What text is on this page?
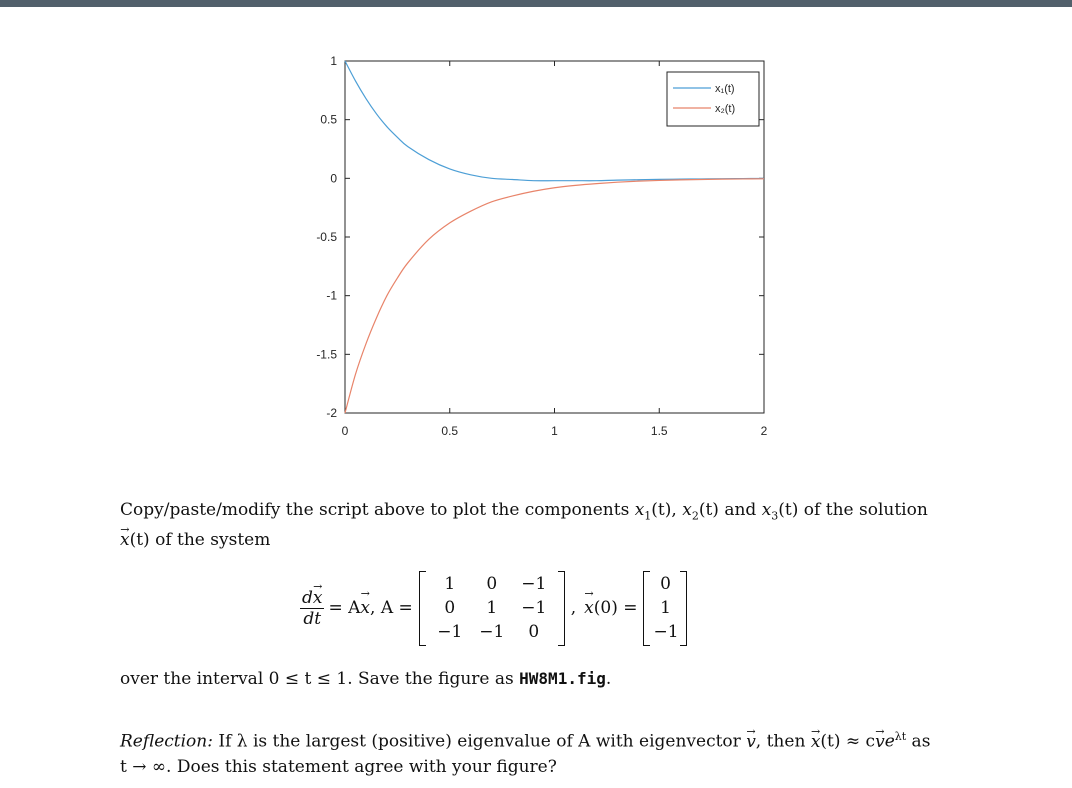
0	0.5	1	1.5	2
1
0.5
0
-0.5
-1
-1.5
-2
x₁(t)
x₂(t)
Copy/paste/modify the script above to plot the components $x_1(t)$, $x_2(t)$ and $x_3(t)$ of the solution
→ x(t) of the system
$\frac{d\to x}{dt} = A$
→ x , A =
1	0	−1
0	1	−1
−1 −1	0
,
→ x (0) =
0
1
−1
over the interval 0 ≤ t ≤ 1. Save the figure as HW8M1.fig.
Reflection: If λ is the largest (positive) eigenvalue of A with eigenvector → v, then → $x(t) \approx c\to ve^{\lambda t}$ as
t → ∞. Does this statement agree with your figure?
